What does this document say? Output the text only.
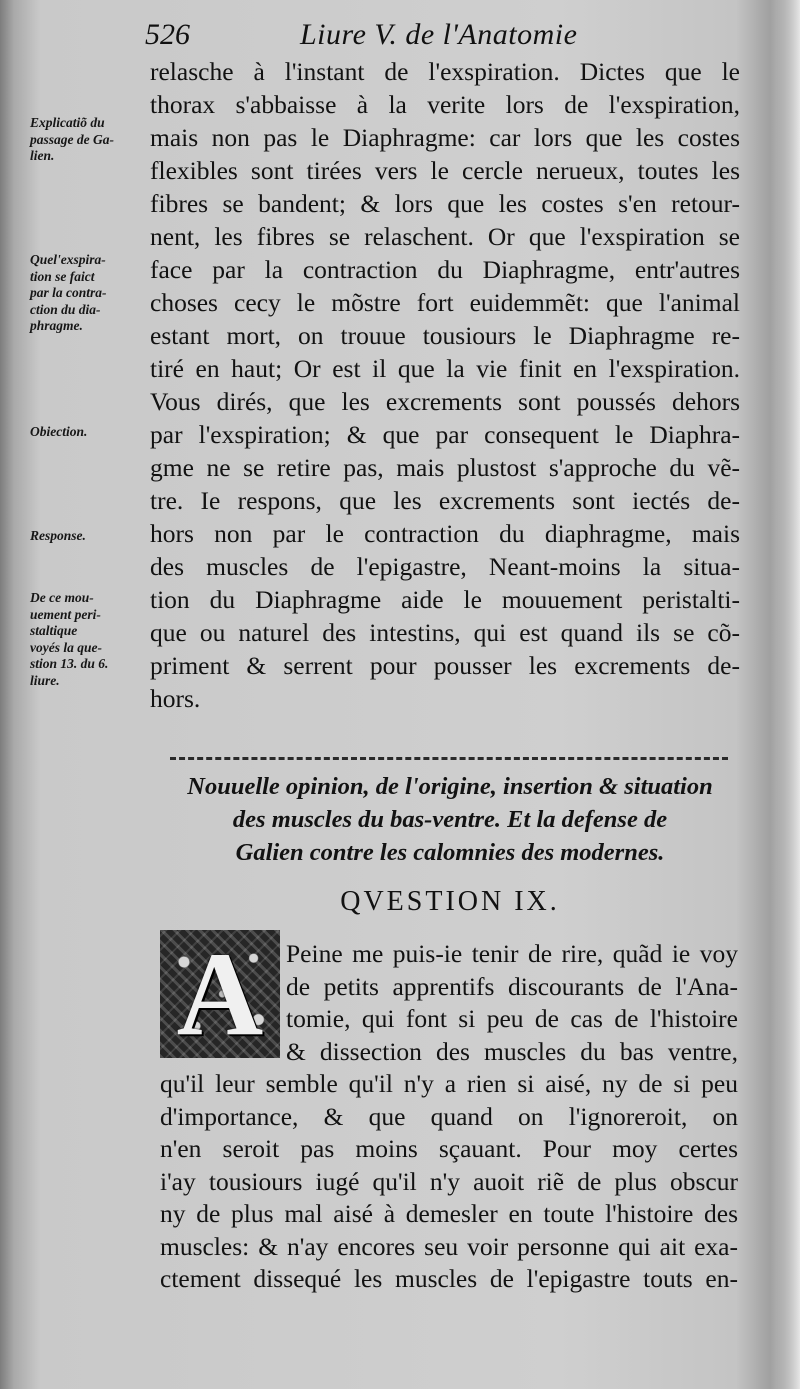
526	Liure V. de l'Anatomie

Explicatiõ du
passage de Ga-
lien.

Quel'exspira-
tion se faict
par la contra-
ction du dia-
phragme.

Obiection.

Response.

De ce mou-
uement peri-
staltique
voyés la que-
stion 13. du 6.
liure.

relasche à l'instant de l'exspiration. Dictes que le
thorax s'abbaisse à la verite lors de l'exspiration,
mais non pas le Diaphragme: car lors que les costes
flexibles sont tirées vers le cercle nerueux, toutes les
fibres se bandent; & lors que les costes s'en retour-
nent, les fibres se relaschent. Or que l'exspiration se
face par la contraction du Diaphragme, entr'autres
choses cecy le mõstre fort euidemmẽt: que l'animal
estant mort, on trouue tousiours le Diaphragme re-
tiré en haut; Or est il que la vie finit en l'exspiration.
Vous dirés, que les excrements sont poussés dehors
par l'exspiration; & que par consequent le Diaphra-
gme ne se retire pas, mais plustost s'approche du vẽ-
tre. Ie respons, que les excrements sont iectés de-
hors non par le contraction du diaphragme, mais
des muscles de l'epigastre, Neant-moins la situa-
tion du Diaphragme aide le mouuement peristalti-
que ou naturel des intestins, qui est quand ils se cõ-
priment & serrent pour pousser les excrements de-
hors.

Nouuelle opinion, de l'origine, insertion & situation
des muscles du bas-ventre. Et la defense de
Galien contre les calomnies des modernes.

QVESTION IX.
A Peine me puis-ie tenir de rire, quãd ie voy
de petits apprentifs discourants de l'Ana-
tomie, qui font si peu de cas de l'histoire
& dissection des muscles du bas ventre,
qu'il leur semble qu'il n'y a rien si aisé, ny de si peu
d'importance, & que quand on l'ignoreroit, on
n'en seroit pas moins sçauant. Pour moy certes
i'ay tousiours iugé qu'il n'y auoit riẽ de plus obscur
ny de plus mal aisé à demesler en toute l'histoire des
muscles: & n'ay encores seu voir personne qui ait exa-
ctement dissequé les muscles de l'epigastre touts en-
